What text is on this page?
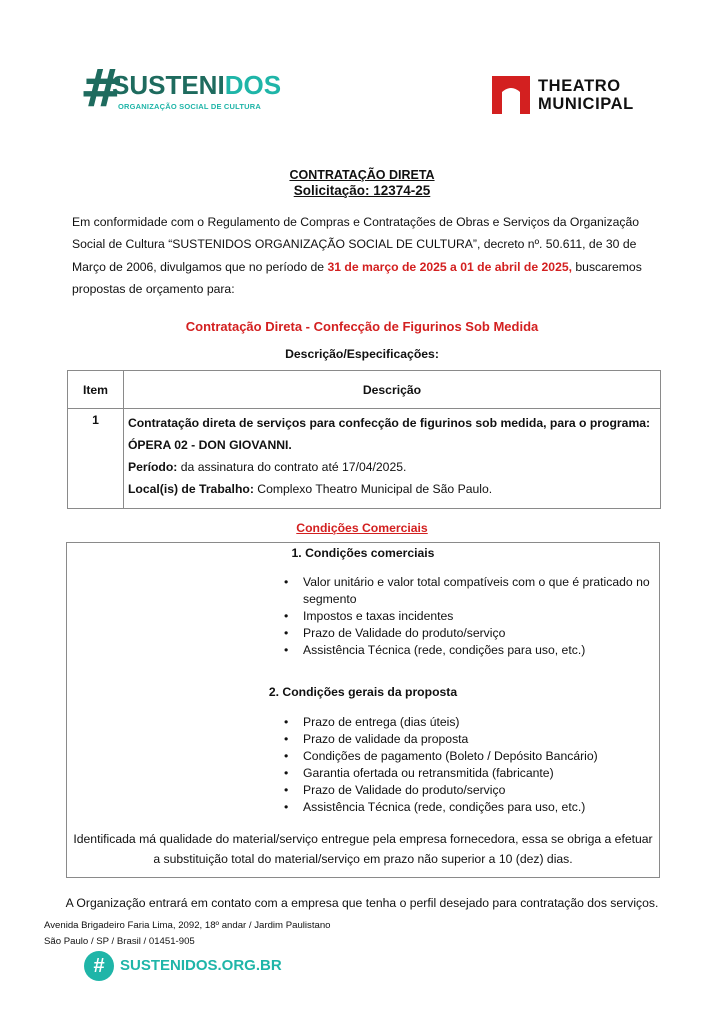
#
SUSTENIDOS
ORGANIZAÇÃO SOCIAL DE CULTURA
THEATRO
MUNICIPAL
CONTRATAÇÃO DIRETA
Solicitação: 12374-25
Em conformidade com o Regulamento de Compras e Contratações de Obras e Serviços da Organização Social de Cultura “SUSTENIDOS ORGANIZAÇÃO SOCIAL DE CULTURA”, decreto nº. 50.611, de 30 de Março de 2006, divulgamos que no período de 31 de março de 2025 a 01 de abril de 2025, buscaremos propostas de orçamento para:
Contratação Direta - Confecção de Figurinos Sob Medida
Descrição/Especificações:
Item	Descrição
1	Contratação direta de serviços para confecção de figurinos sob medida, para o programa:
ÓPERA 02 - DON GIOVANNI.
Período: da assinatura do contrato até 17/04/2025.
Local(is) de Trabalho: Complexo Theatro Municipal de São Paulo.
Condições Comerciais
1. Condições comerciais
• Valor unitário e valor total compatíveis com o que é praticado no segmento
• Impostos e taxas incidentes
• Prazo de Validade do produto/serviço
• Assistência Técnica (rede, condições para uso, etc.)
2. Condições gerais da proposta
• Prazo de entrega (dias úteis)
• Prazo de validade da proposta
• Condições de pagamento (Boleto / Depósito Bancário)
• Garantia ofertada ou retransmitida (fabricante)
• Prazo de Validade do produto/serviço
• Assistência Técnica (rede, condições para uso, etc.)
Identificada má qualidade do material/serviço entregue pela empresa fornecedora, essa se obriga a efetuar
a substituição total do material/serviço em prazo não superior a 10 (dez) dias.
A Organização entrará em contato com a empresa que tenha o perfil desejado para contratação dos serviços.
Avenida Brigadeiro Faria Lima, 2092, 18º andar / Jardim Paulistano
São Paulo / SP / Brasil / 01451-905
#	SUSTENIDOS.ORG.BR
